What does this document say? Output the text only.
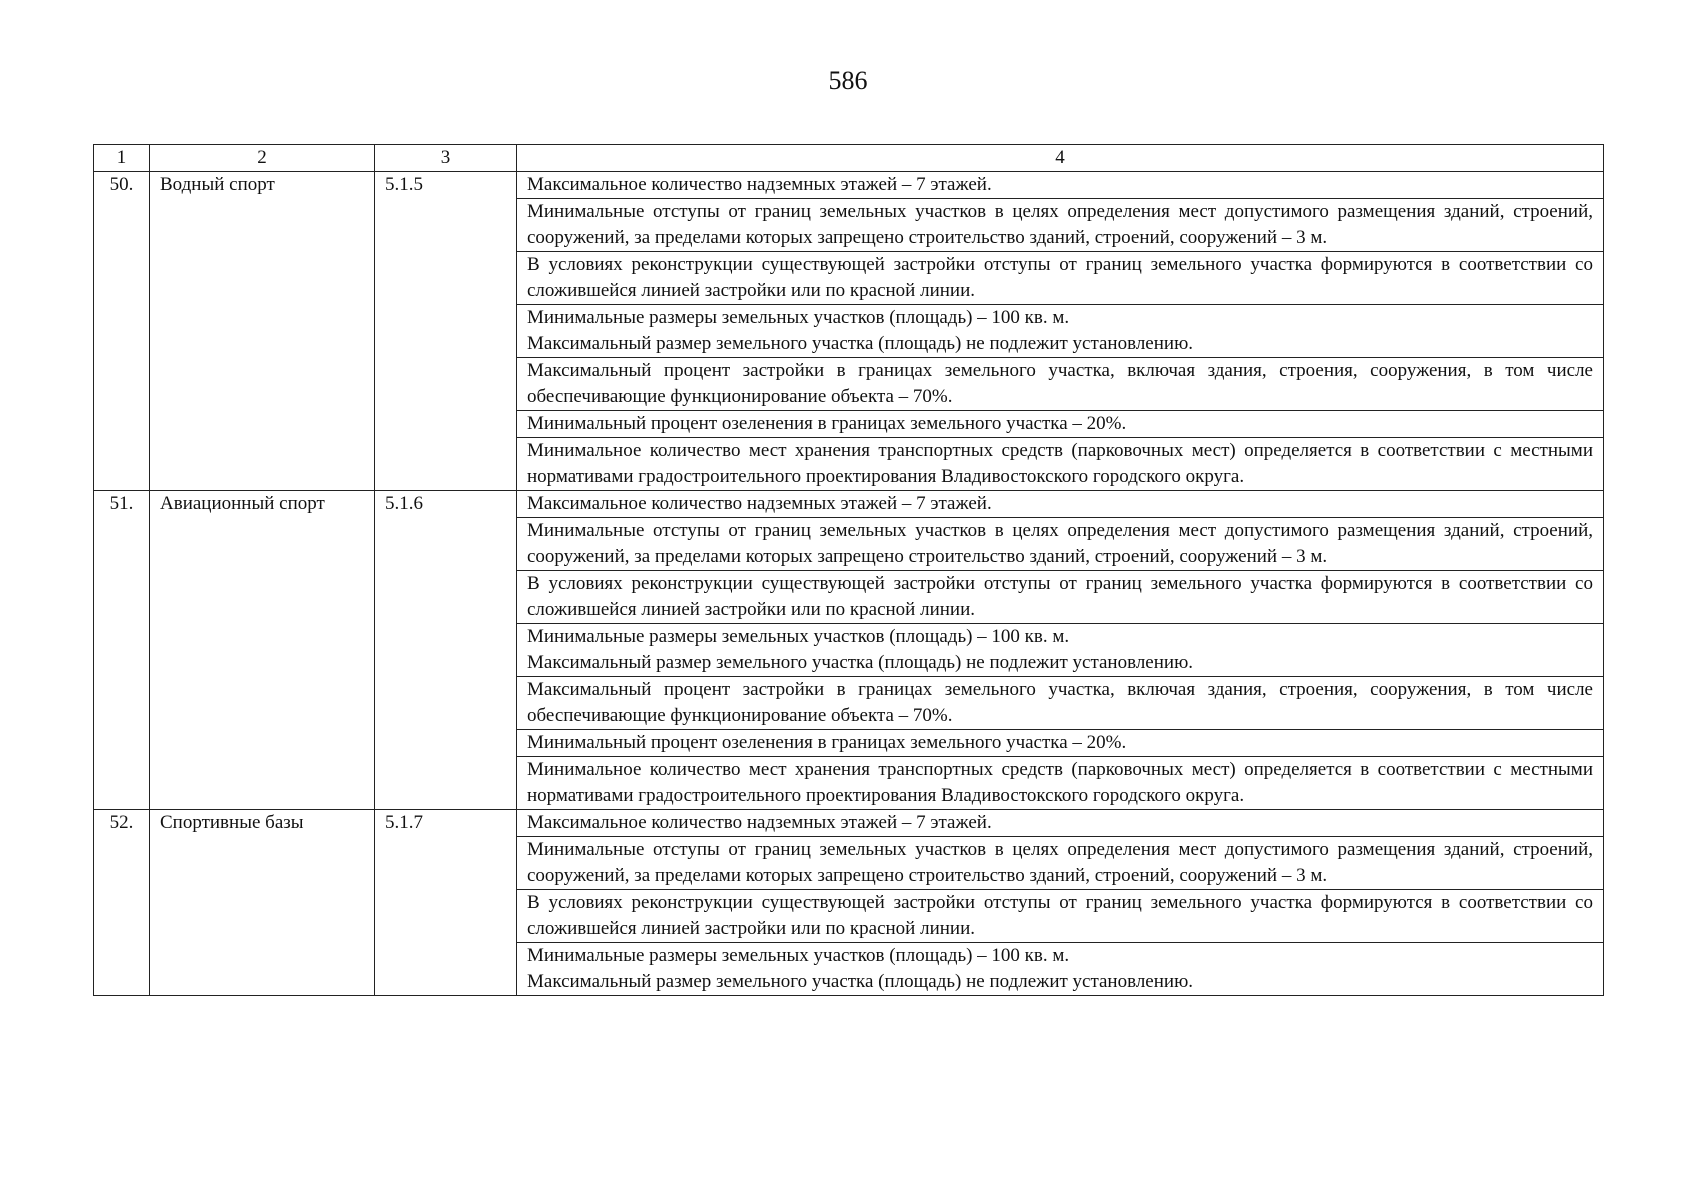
586
1	2	3	4
50.	Водный спорт	5.1.5	Максимальное количество надземных этажей – 7 этажей.
			Минимальные отступы от границ земельных участков в целях определения мест допустимого размещения зданий, строений, сооружений, за пределами которых запрещено строительство зданий, строений, сооружений – 3 м.
			В условиях реконструкции существующей застройки отступы от границ земельного участка формируются в соответствии со сложившейся линией застройки или по красной линии.
			Минимальные размеры земельных участков (площадь) – 100 кв. м.
Максимальный размер земельного участка (площадь) не подлежит установлению.
			Максимальный процент застройки в границах земельного участка, включая здания, строения, сооружения, в том числе обеспечивающие функционирование объекта – 70%.
			Минимальный процент озеленения в границах земельного участка – 20%.
			Минимальное количество мест хранения транспортных средств (парковочных мест) определяется в соответствии с местными нормативами градостроительного проектирования Владивостокского городского округа.
51.	Авиационный спорт	5.1.6	Максимальное количество надземных этажей – 7 этажей.
			Минимальные отступы от границ земельных участков в целях определения мест допустимого размещения зданий, строений, сооружений, за пределами которых запрещено строительство зданий, строений, сооружений – 3 м.
			В условиях реконструкции существующей застройки отступы от границ земельного участка формируются в соответствии со сложившейся линией застройки или по красной линии.
			Минимальные размеры земельных участков (площадь) – 100 кв. м.
Максимальный размер земельного участка (площадь) не подлежит установлению.
			Максимальный процент застройки в границах земельного участка, включая здания, строения, сооружения, в том числе обеспечивающие функционирование объекта – 70%.
			Минимальный процент озеленения в границах земельного участка – 20%.
			Минимальное количество мест хранения транспортных средств (парковочных мест) определяется в соответствии с местными нормативами градостроительного проектирования Владивостокского городского округа.
52.	Спортивные базы	5.1.7	Максимальное количество надземных этажей – 7 этажей.
			Минимальные отступы от границ земельных участков в целях определения мест допустимого размещения зданий, строений, сооружений, за пределами которых запрещено строительство зданий, строений, сооружений – 3 м.
			В условиях реконструкции существующей застройки отступы от границ земельного участка формируются в соответствии со сложившейся линией застройки или по красной линии.
			Минимальные размеры земельных участков (площадь) – 100 кв. м.
Максимальный размер земельного участка (площадь) не подлежит установлению.
